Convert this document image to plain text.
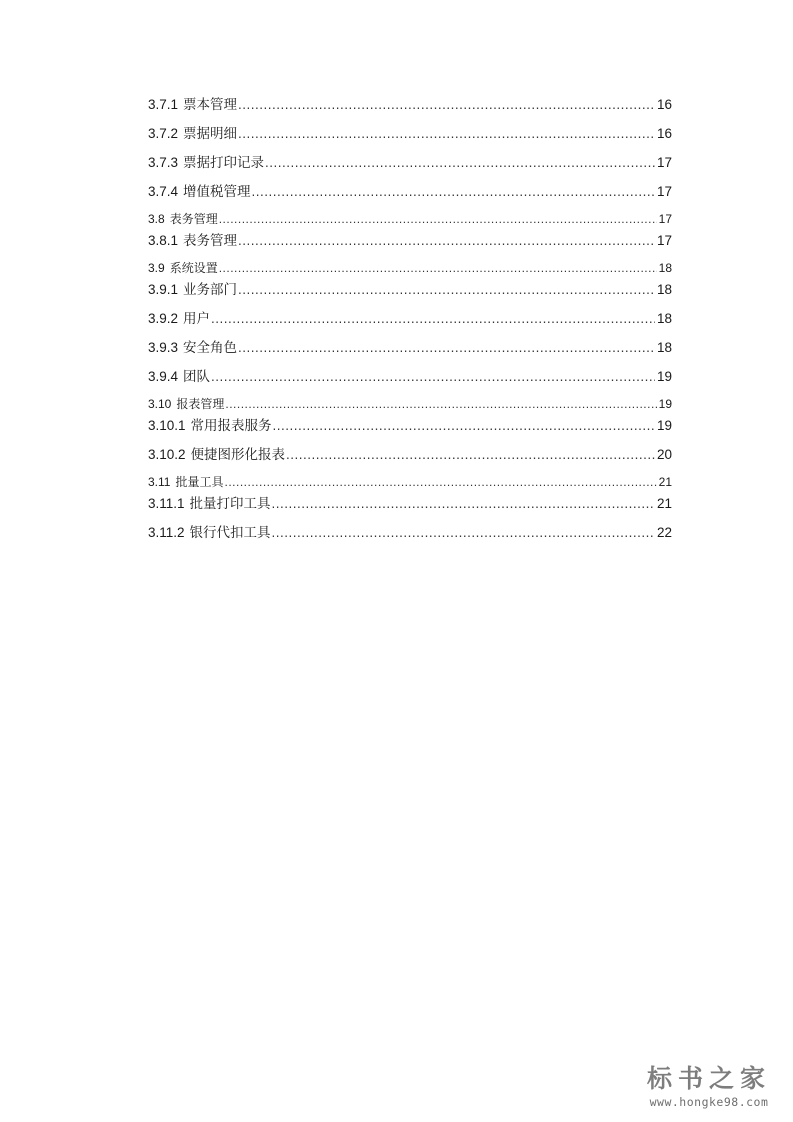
3.7.1 票本管理 .....	16
3.7.2 票据明细 .....	16
3.7.3 票据打印记录 .....	17
3.7.4 增值税管理 .....	17
3.8 表务管理 .....	17
3.8.1 表务管理 .....	17
3.9 系统设置 .....	18
3.9.1 业务部门 .....	18
3.9.2 用户 .....	18
3.9.3 安全角色 .....	18
3.9.4 团队 .....	19
3.10 报表管理 .....	19
3.10.1 常用报表服务 .....	19
3.10.2 便捷图形化报表 .....	20
3.11 批量工具 .....	21
3.11.1 批量打印工具 .....	21
3.11.2 银行代扣工具 .....	22
标书之家
www.hongke98.com
